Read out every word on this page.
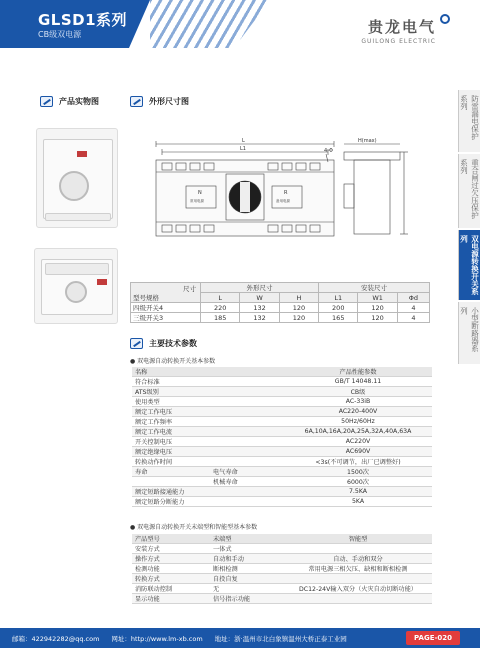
GLSD1系列
CB级双电源	贵龙电气
GUILONG ELECTRIC
防雷漏电保护系列
重合闸过欠压保护系列
双电源转换开关系列
小型断路器系列
产品实物图	外形尺寸图
L
L1
H(max)
4-Φ
N
常用电源
R
备用电源
尺寸
型号规格	外形尺寸			安装尺寸		
	L	W	H	L1	W1	Φd
四级开关4	220	132	120	200	120	4
三级开关3	185	132	120	165	120	4
主要技术参数
● 双电源自动转换开关基本参数
名称		产品性能参数
符合标准		GB/T 14048.11
ATS级别		CB级
使用类型		AC-33iB
额定工作电压		AC220-400V
额定工作频率		50Hz/60Hz
额定工作电流		6A,10A,16A,20A,25A,32A,40A,63A
开关控制电压		AC220V
额定绝缘电压		AC690V
转换动作时间		<3s(不可调节，出厂已调整好)
寿命	电气寿命	1500次
	机械寿命	6000次
额定短路接通能力		7.5KA
额定短路分断能力		5KA
● 双电源自动转换开关末端型和智能型基本参数
产品型号	末端型	智能型
安装方式	一体式	
操作方式	自动和手动	自动、手动和双分
检测功能	断相检测	常用电源三相欠压、缺相和断相检测
转换方式	自投自复	
消防联动控制	无	DC12-24V输入双分（火灾自动切断功能）
显示功能	信号指示功能	
邮箱：422942282@qq.com 网址：http://www.lm-xb.com 地址：浙·温州市北白象镇温州大桥正泰工业园	PAGE-020
